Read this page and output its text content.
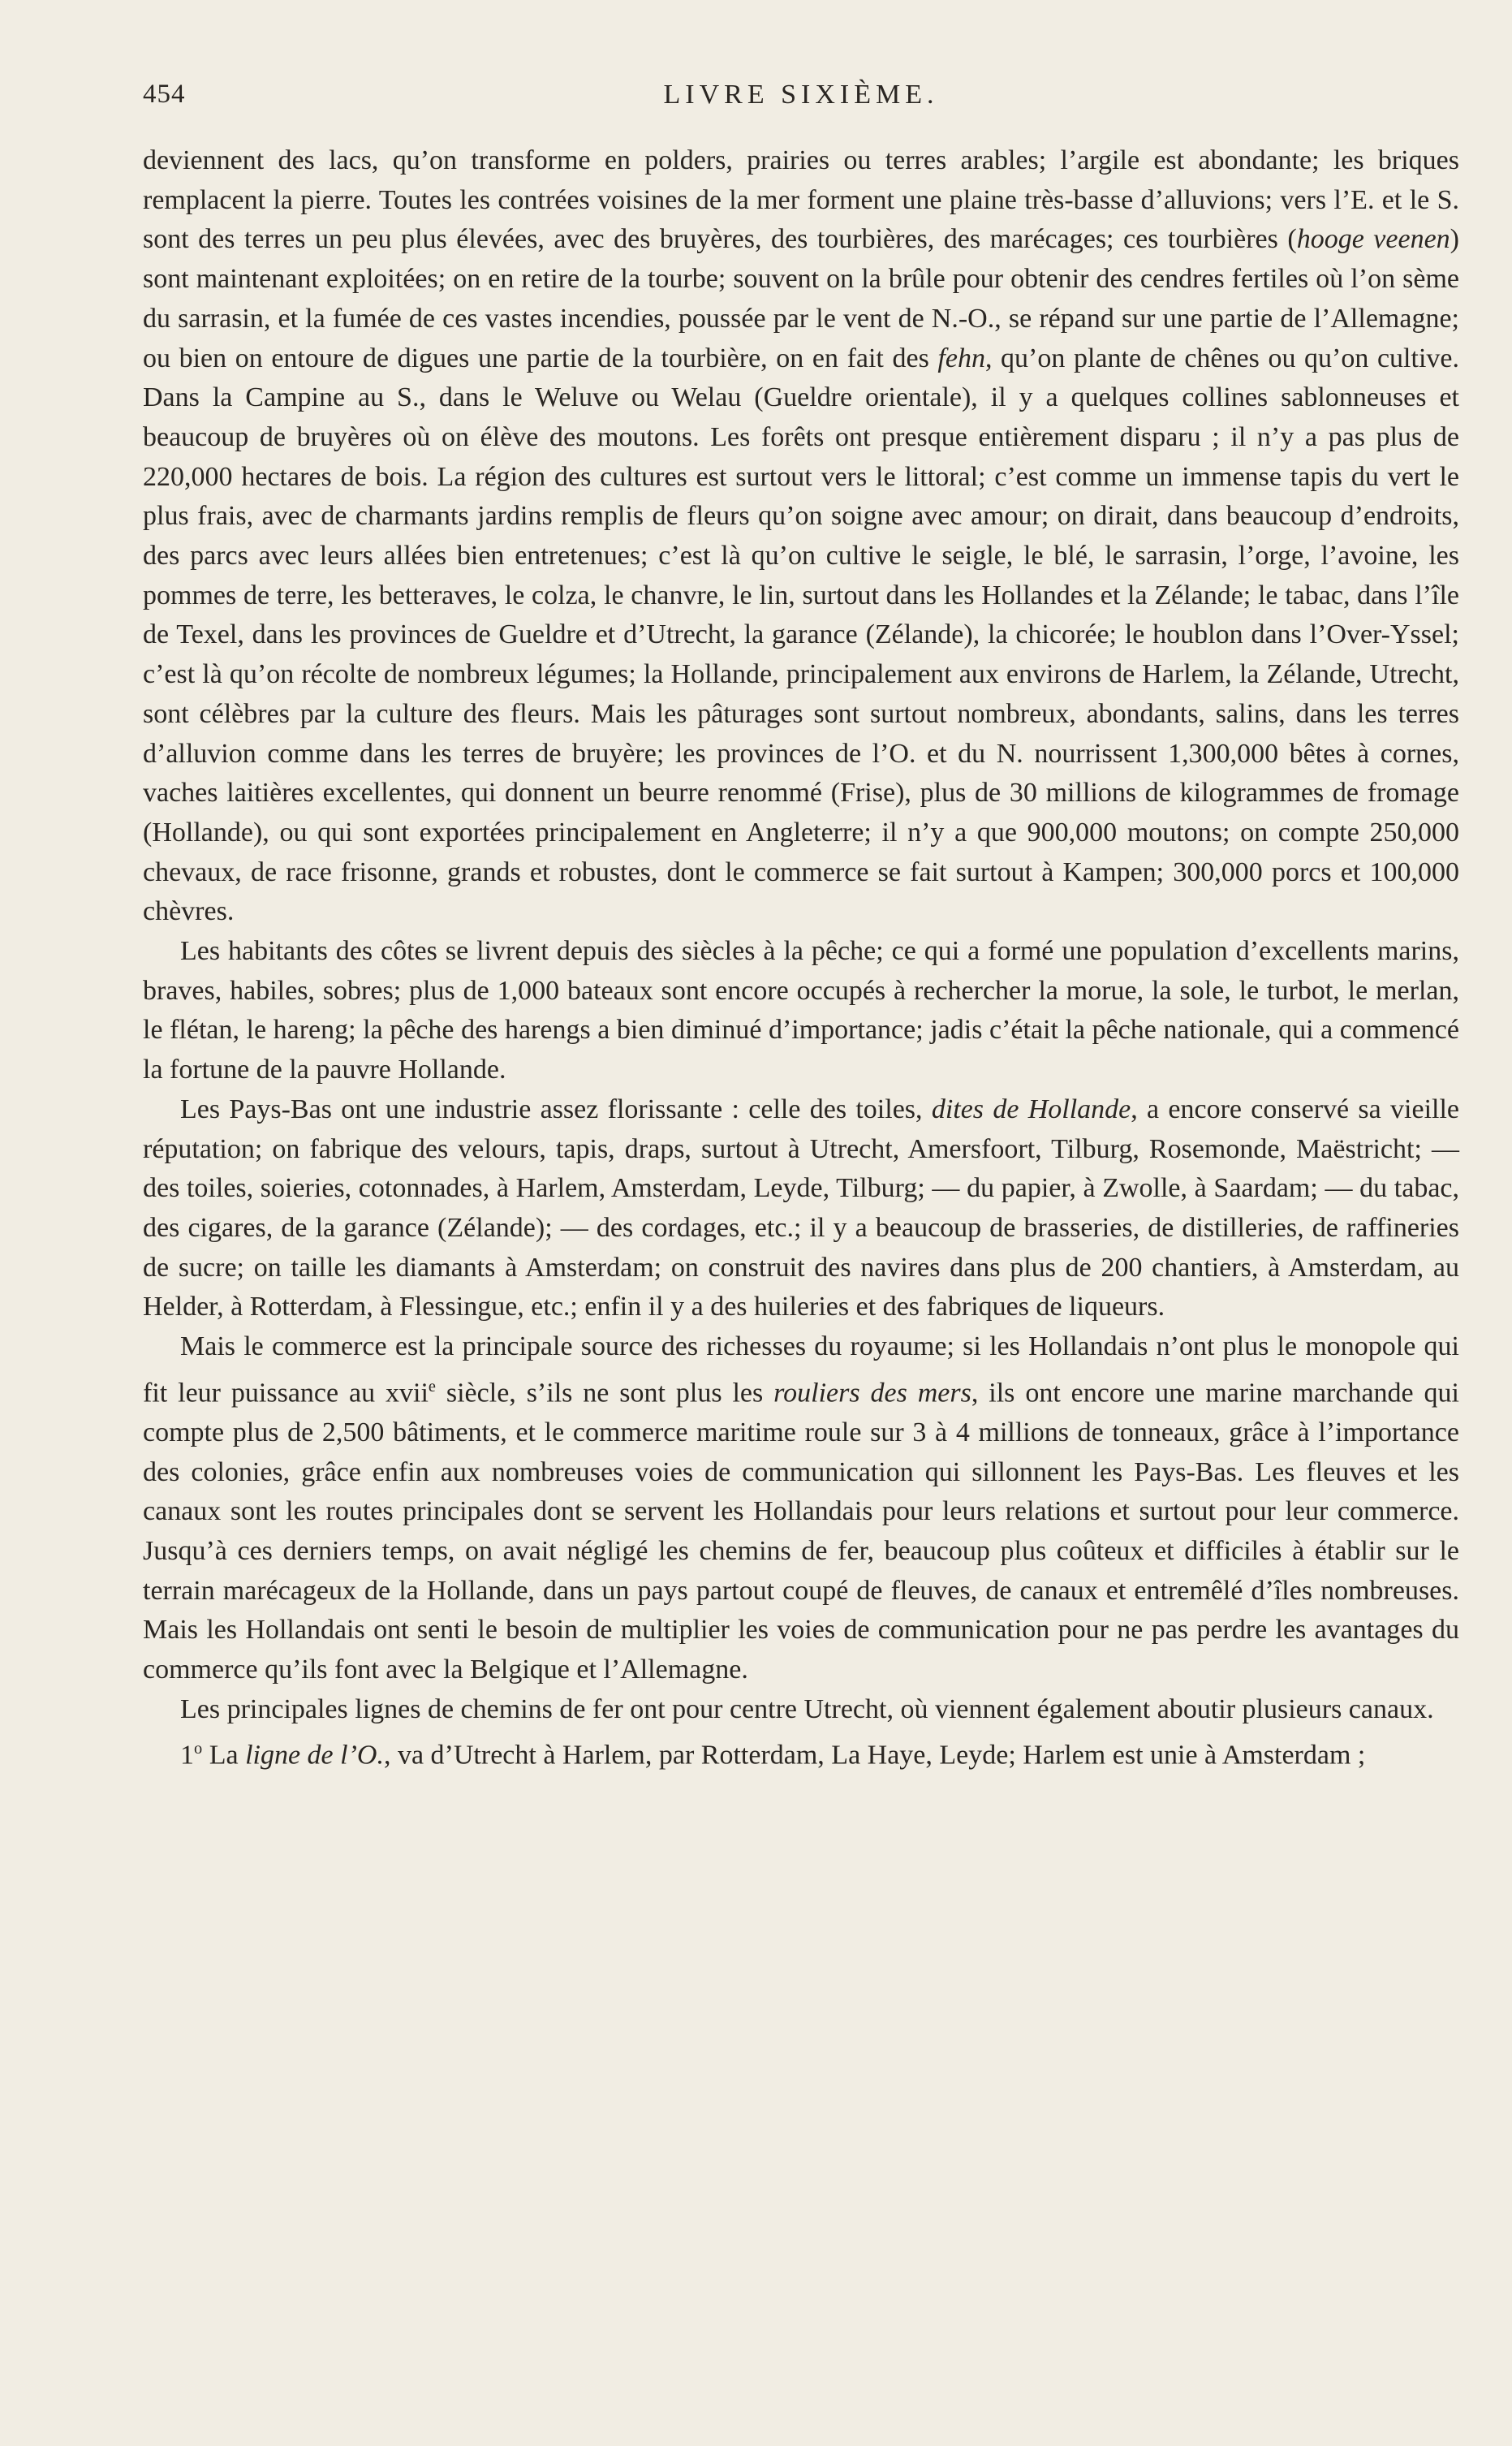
454	LIVRE SIXIÈME.

deviennent des lacs, qu’on transforme en polders, prairies ou terres arables; l’argile est abondante; les briques remplacent la pierre. Toutes les contrées voisines de la mer forment une plaine très-basse d’alluvions; vers l’E. et le S. sont des terres un peu plus élevées, avec des bruyères, des tourbières, des marécages; ces tourbières (hooge veenen) sont maintenant exploitées; on en retire de la tourbe; souvent on la brûle pour obtenir des cendres fertiles où l’on sème du sarrasin, et la fumée de ces vastes incendies, poussée par le vent de N.-O., se répand sur une partie de l’Allemagne; ou bien on entoure de digues une partie de la tourbière, on en fait des fehn, qu’on plante de chênes ou qu’on cultive. Dans la Campine au S., dans le Weluve ou Welau (Gueldre orientale), il y a quelques collines sablonneuses et beaucoup de bruyères où on élève des moutons. Les forêts ont presque entièrement disparu ; il n’y a pas plus de 220,000 hectares de bois. La région des cultures est surtout vers le littoral; c’est comme un immense tapis du vert le plus frais, avec de charmants jardins remplis de fleurs qu’on soigne avec amour; on dirait, dans beaucoup d’endroits, des parcs avec leurs allées bien entretenues; c’est là qu’on cultive le seigle, le blé, le sarrasin, l’orge, l’avoine, les pommes de terre, les betteraves, le colza, le chanvre, le lin, surtout dans les Hollandes et la Zélande; le tabac, dans l’île de Texel, dans les provinces de Gueldre et d’Utrecht, la garance (Zélande), la chicorée; le houblon dans l’Over-Yssel; c’est là qu’on récolte de nombreux légumes; la Hollande, principalement aux environs de Harlem, la Zélande, Utrecht, sont célèbres par la culture des fleurs. Mais les pâturages sont surtout nombreux, abondants, salins, dans les terres d’alluvion comme dans les terres de bruyère; les provinces de l’O. et du N. nourrissent 1,300,000 bêtes à cornes, vaches laitières excellentes, qui donnent un beurre renommé (Frise), plus de 30 millions de kilogrammes de fromage (Hollande), ou qui sont exportées principalement en Angleterre; il n’y a que 900,000 moutons; on compte 250,000 chevaux, de race frisonne, grands et robustes, dont le commerce se fait surtout à Kampen; 300,000 porcs et 100,000 chèvres.

Les habitants des côtes se livrent depuis des siècles à la pêche; ce qui a formé une population d’excellents marins, braves, habiles, sobres; plus de 1,000 bateaux sont encore occupés à rechercher la morue, la sole, le turbot, le merlan, le flétan, le hareng; la pêche des harengs a bien diminué d’importance; jadis c’était la pêche nationale, qui a commencé la fortune de la pauvre Hollande.

Les Pays-Bas ont une industrie assez florissante : celle des toiles, dites de Hollande, a encore conservé sa vieille réputation; on fabrique des velours, tapis, draps, surtout à Utrecht, Amersfoort, Tilburg, Rosemonde, Maëstricht; — des toiles, soieries, cotonnades, à Harlem, Amsterdam, Leyde, Tilburg; — du papier, à Zwolle, à Saardam; — du tabac, des cigares, de la garance (Zélande); — des cordages, etc.; il y a beaucoup de brasseries, de distilleries, de raffineries de sucre; on taille les diamants à Amsterdam; on construit des navires dans plus de 200 chantiers, à Amsterdam, au Helder, à Rotterdam, à Flessingue, etc.; enfin il y a des huileries et des fabriques de liqueurs.

Mais le commerce est la principale source des richesses du royaume; si les Hollandais n’ont plus le monopole qui fit leur puissance au xvii$^e$ siècle, s’ils ne sont plus les rouliers des mers, ils ont encore une marine marchande qui compte plus de 2,500 bâtiments, et le commerce maritime roule sur 3 à 4 millions de tonneaux, grâce à l’importance des colonies, grâce enfin aux nombreuses voies de communication qui sillonnent les Pays-Bas. Les fleuves et les canaux sont les routes principales dont se servent les Hollandais pour leurs relations et surtout pour leur commerce. Jusqu’à ces derniers temps, on avait négligé les chemins de fer, beaucoup plus coûteux et difficiles à établir sur le terrain marécageux de la Hollande, dans un pays partout coupé de fleuves, de canaux et entremêlé d’îles nombreuses. Mais les Hollandais ont senti le besoin de multiplier les voies de communication pour ne pas perdre les avantages du commerce qu’ils font avec la Belgique et l’Allemagne.

Les principales lignes de chemins de fer ont pour centre Utrecht, où viennent également aboutir plusieurs canaux.

1$^o$ La ligne de l’O., va d’Utrecht à Harlem, par Rotterdam, La Haye, Leyde; Harlem est unie à Amsterdam ;
